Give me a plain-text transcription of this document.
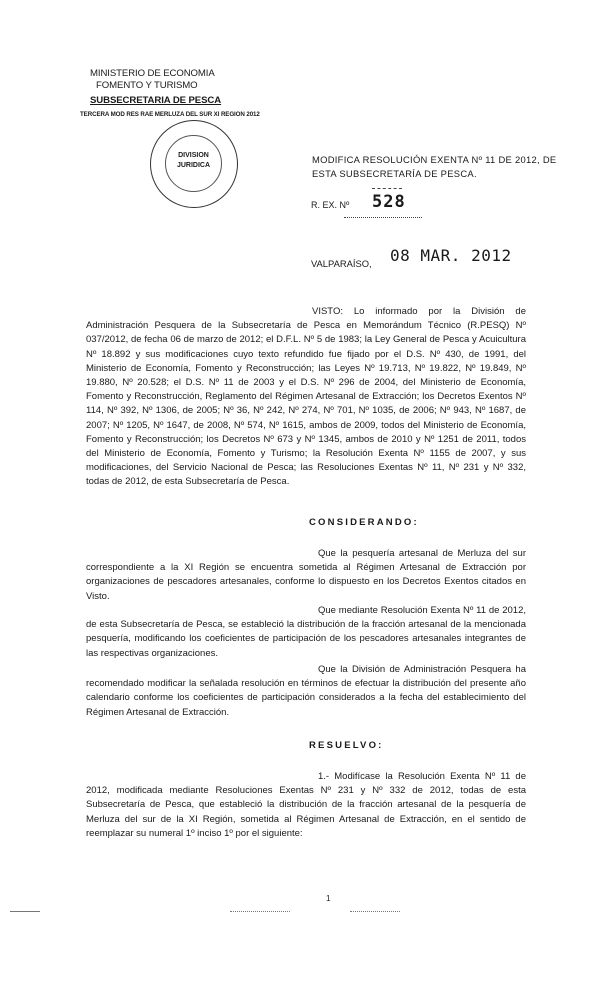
MINISTERIO DE ECONOMIA
FOMENTO Y TURISMO
SUBSECRETARIA DE PESCA
TERCERA MOD RES RAE MERLUZA DEL SUR XI REGION 2012
DIVISION
JURIDICA
MODIFICA RESOLUCIÓN EXENTA Nº 11 DE 2012, DE ESTA SUBSECRETARÍA DE PESCA.
R. EX. Nº 528
VALPARAÍSO, 08 MAR. 2012

VISTO: Lo informado por la División de Administración Pesquera de la Subsecretaría de Pesca en Memorándum Técnico (R.PESQ) Nº 037/2012, de fecha 06 de marzo de 2012; el D.F.L. Nº 5 de 1983; la Ley General de Pesca y Acuicultura Nº 18.892 y sus modificaciones cuyo texto refundido fue fijado por el D.S. Nº 430, de 1991, del Ministerio de Economía, Fomento y Reconstrucción; las Leyes Nº 19.713, Nº 19.822, Nº 19.849, Nº 19.880, Nº 20.528; el D.S. Nº 11 de 2003 y el D.S. Nº 296 de 2004, del Ministerio de Economía, Fomento y Reconstrucción, Reglamento del Régimen Artesanal de Extracción; los Decretos Exentos Nº 114, Nº 392, Nº 1306, de 2005; Nº 36, Nº 242, Nº 274, Nº 701, Nº 1035, de 2006; Nº 943, Nº 1687, de 2007; Nº 1205, Nº 1647, de 2008, Nº 574, Nº 1615, ambos de 2009, todos del Ministerio de Economía, Fomento y Reconstrucción; los Decretos Nº 673 y Nº 1345, ambos de 2010 y Nº 1251 de 2011, todos del Ministerio de Economía, Fomento y Turismo; la Resolución Exenta Nº 1155 de 2007, y sus modificaciones, del Servicio Nacional de Pesca; las Resoluciones Exentas Nº 11, Nº 231 y Nº 332, todas de 2012, de esta Subsecretaría de Pesca.

CONSIDERANDO:

Que la pesquería artesanal de Merluza del sur correspondiente a la XI Región se encuentra sometida al Régimen Artesanal de Extracción por organizaciones de pescadores artesanales, conforme lo dispuesto en los Decretos Exentos citados en Visto.

Que mediante Resolución Exenta Nº 11 de 2012, de esta Subsecretaría de Pesca, se estableció la distribución de la fracción artesanal de la mencionada pesquería, modificando los coeficientes de participación de los pescadores artesanales integrantes de las respectivas organizaciones.

Que la División de Administración Pesquera ha recomendado modificar la señalada resolución en términos de efectuar la distribución del presente año calendario conforme los coeficientes de participación considerados a la fecha del establecimiento del Régimen Artesanal de Extracción.

RESUELVO:

1.- Modifícase la Resolución Exenta Nº 11 de 2012, modificada mediante Resoluciones Exentas Nº 231 y Nº 332 de 2012, todas de esta Subsecretaría de Pesca, que estableció la distribución de la fracción artesanal de la pesquería de Merluza del sur de la XI Región, sometida al Régimen Artesanal de Extracción, en el sentido de reemplazar su numeral 1º inciso 1º por el siguiente:

1
